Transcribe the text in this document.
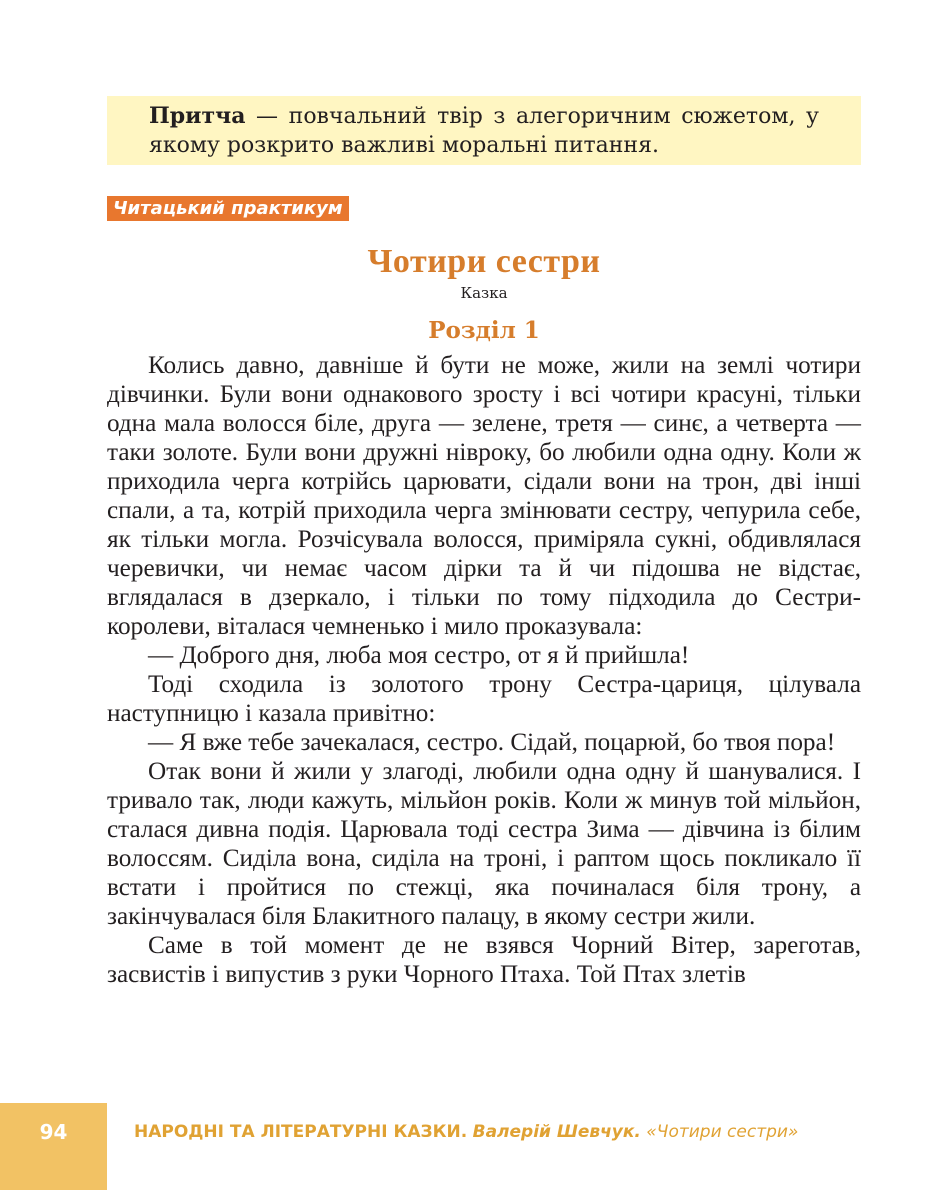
Притча — повчальний твір з алегоричним сюжетом, у якому розкрито важливі моральні питання.
Читацький практикум
Чотири сестри
Казка
Розділ 1

Колись давно, давніше й бути не може, жили на землі чотири дівчинки. Були вони однакового зросту і всі чотири красуні, тільки одна мала волосся біле, друга — зелене, третя — синє, а четверта — таки золоте. Були вони дружні нівроку, бо любили одна одну. Коли ж приходила черга котрійсь царювати, сідали вони на трон, дві інші спали, а та, котрій приходила черга змінювати сестру, чепурила себе, як тільки могла. Розчісувала волосся, приміряла сукні, обдивлялася черевички, чи немає часом дірки та й чи підошва не відстає, вглядалася в дзеркало, і тільки по тому підходила до Сестри-королеви, віталася чемненько і мило проказувала:

— Доброго дня, люба моя сестро, от я й прийшла!

Тоді сходила із золотого трону Сестра-цариця, цілувала наступницю і казала привітно:

— Я вже тебе зачекалася, сестро. Сідай, поцарюй, бо твоя пора!

Отак вони й жили у злагоді, любили одна одну й шанувалися. І тривало так, люди кажуть, мільйон років. Коли ж минув той мільйон, сталася дивна подія. Царювала тоді сестра Зима — дівчина із білим волоссям. Сиділа вона, сиділа на троні, і раптом щось покликало її встати і пройтися по стежці, яка починалася біля трону, а закінчувалася біля Блакитного палацу, в якому сестри жили.

Саме в той момент де не взявся Чорний Вітер, зареготав, засвистів і випустив з руки Чорного Птаха. Той Птах злетів

94	НАРОДНІ ТА ЛІТЕРАТУРНІ КАЗКИ. Валерій Шевчук. «Чотири сестри»
